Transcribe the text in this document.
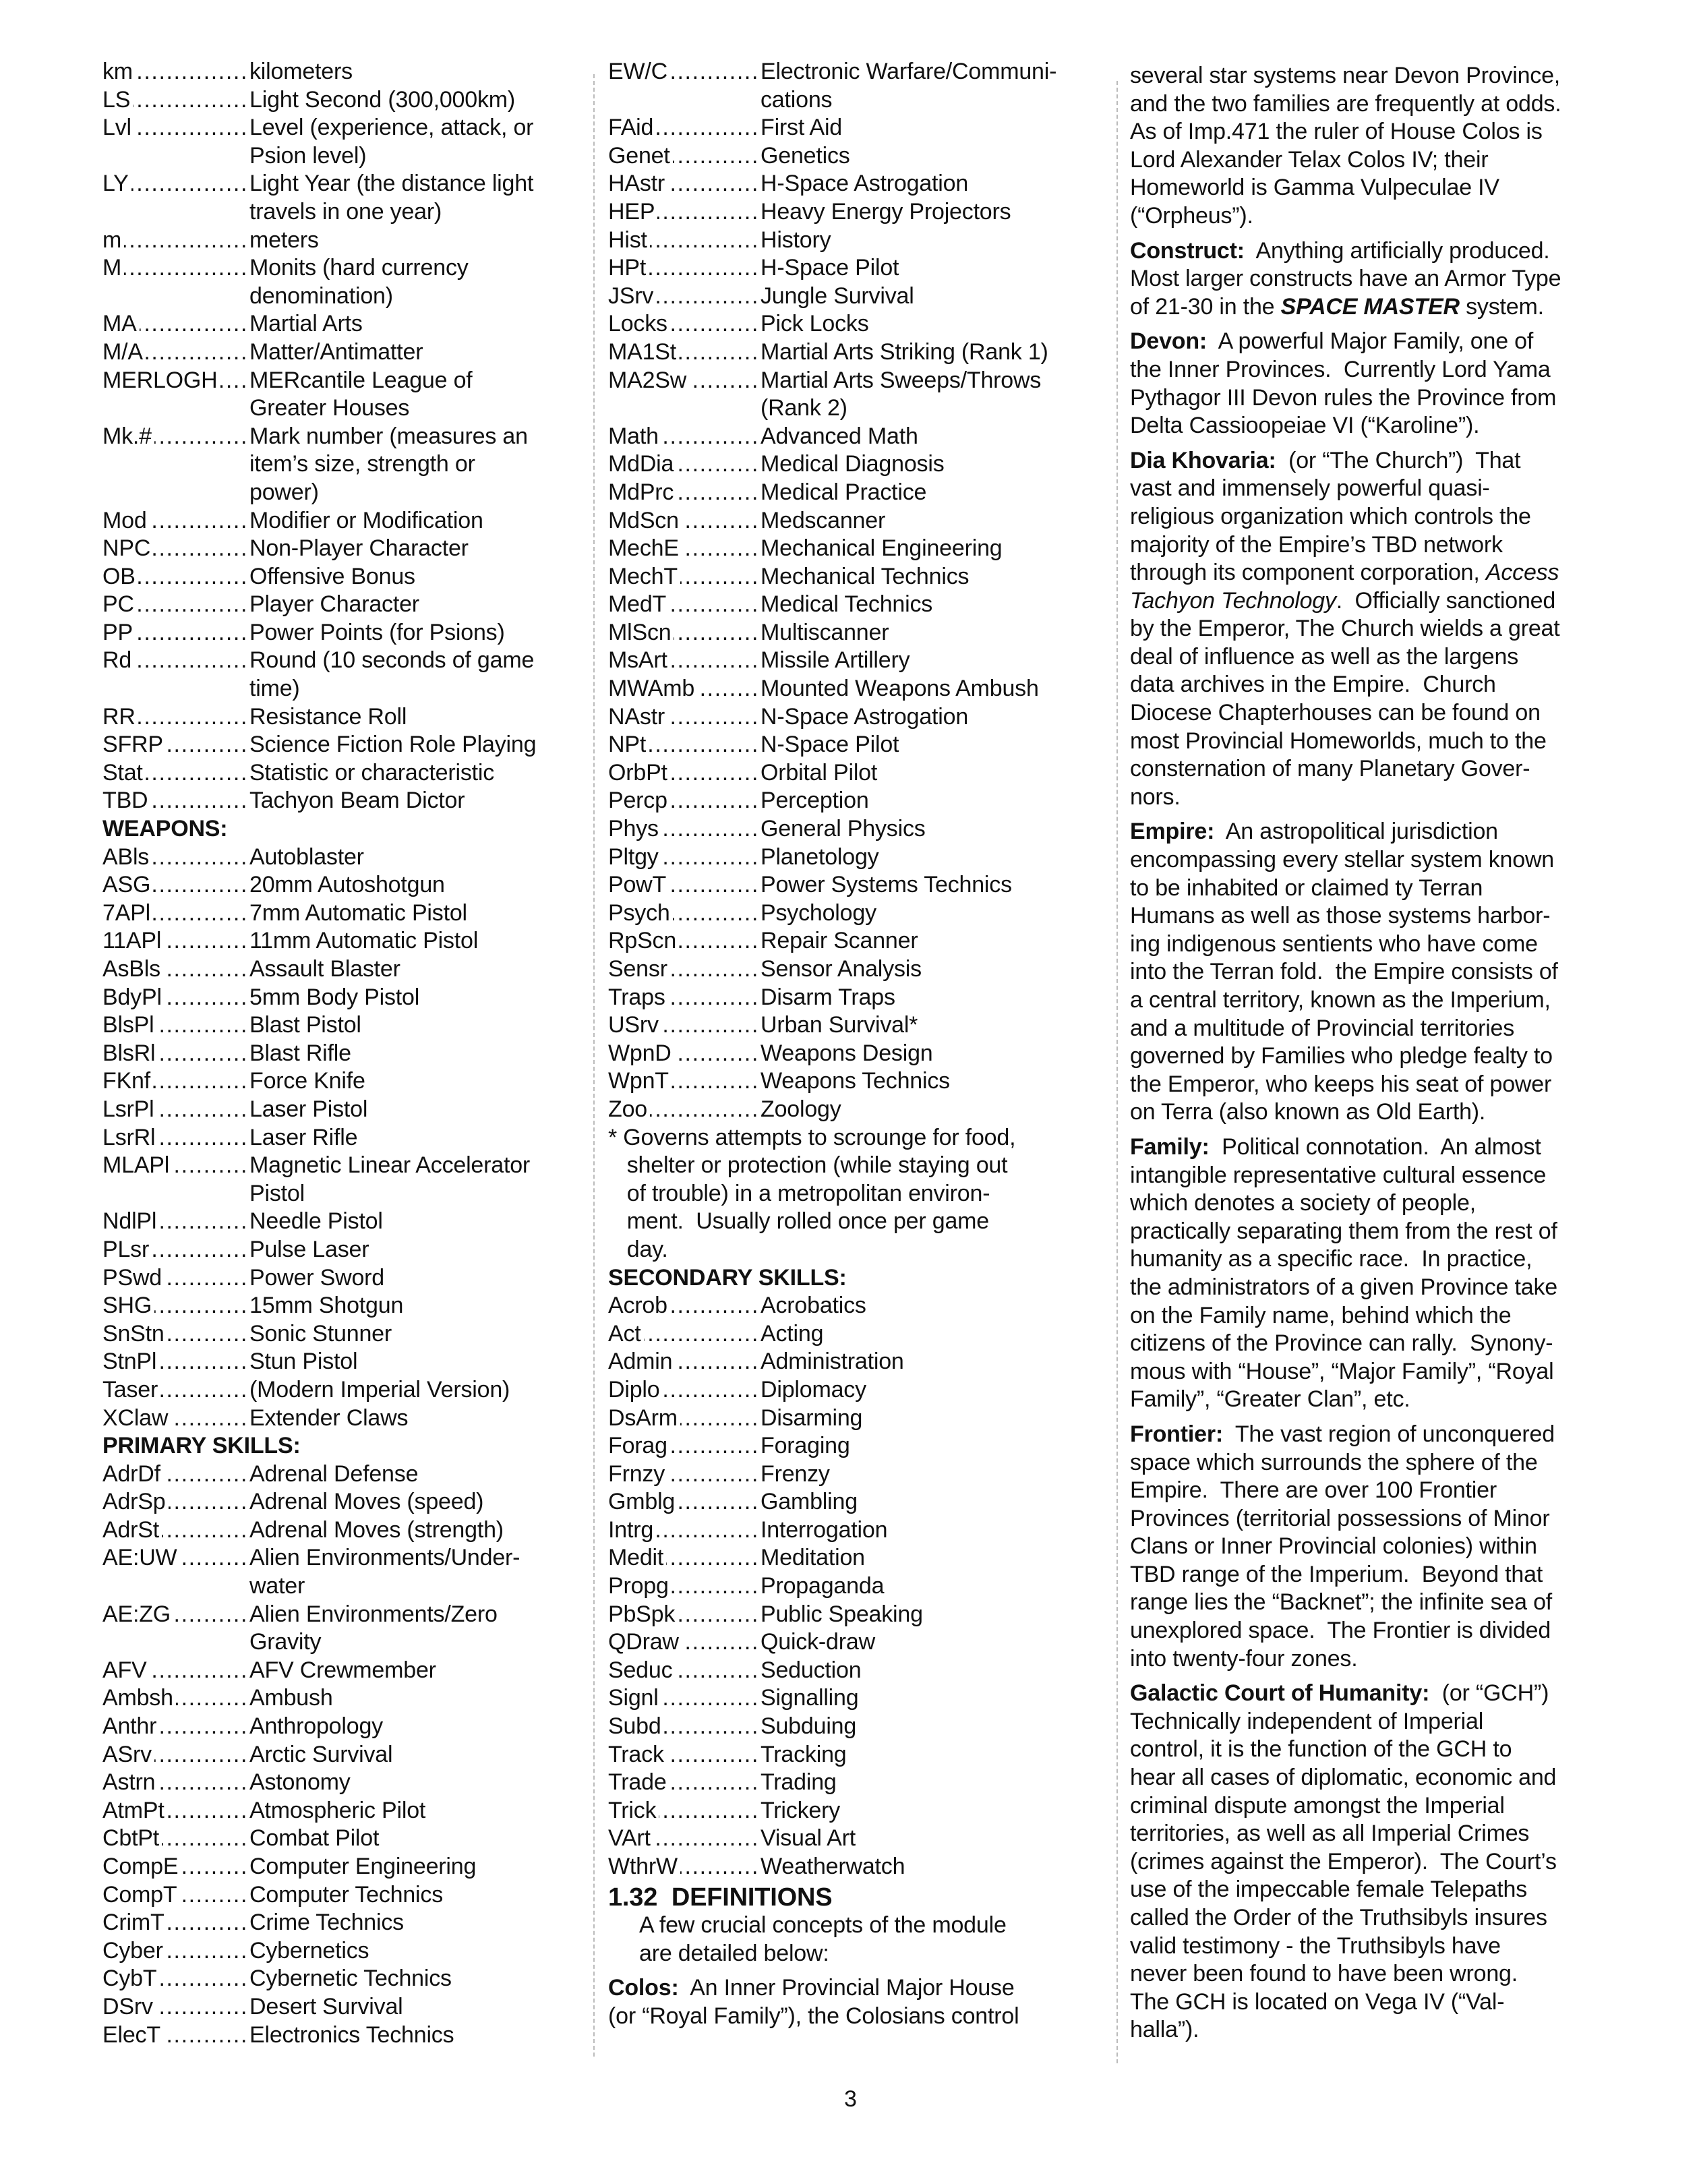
km .....	kilometers
LS .....	Light Second (300,000km)
Lvl .....	Level (experience, attack, or
Psion level)
LY .....	Light Year (the distance light
travels in one year)
m .....	meters
M .....	Monits (hard currency
denomination)
MA .....	Martial Arts
M/A .....	Matter/Antimatter
MERLOGH .....	MERcantile League of
Greater Houses
Mk.# .....	Mark number (measures an
item’s size, strength or
power)
Mod .....	Modifier or Modification
NPC .....	Non-Player Character
OB .....	Offensive Bonus
PC .....	Player Character
PP .....	Power Points (for Psions)
Rd .....	Round (10 seconds of game
time)
RR .....	Resistance Roll
SFRP .....	Science Fiction Role Playing
Stat .....	Statistic or characteristic
TBD .....	Tachyon Beam Dictor
WEAPONS:
ABls .....	Autoblaster
ASG .....	20mm Autoshotgun
7APl .....	7mm Automatic Pistol
11APl .....	11mm Automatic Pistol
AsBls .....	Assault Blaster
BdyPl .....	5mm Body Pistol
BlsPl .....	Blast Pistol
BlsRl .....	Blast Rifle
FKnf .....	Force Knife
LsrPl .....	Laser Pistol
LsrRl .....	Laser Rifle
MLAPl .....	Magnetic Linear Accelerator
Pistol
NdlPl .....	Needle Pistol
PLsr .....	Pulse Laser
PSwd .....	Power Sword
SHG .....	15mm Shotgun
SnStn .....	Sonic Stunner
StnPl .....	Stun Pistol
Taser .....	(Modern Imperial Version)
XClaw .....	Extender Claws
PRIMARY SKILLS:
AdrDf .....	Adrenal Defense
AdrSp .....	Adrenal Moves (speed)
AdrSt .....	Adrenal Moves (strength)
AE:UW .....	Alien Environments/Under-
water
AE:ZG .....	Alien Environments/Zero
Gravity
AFV .....	AFV Crewmember
Ambsh .....	Ambush
Anthr .....	Anthropology
ASrv .....	Arctic Survival
Astrn .....	Astonomy
AtmPt .....	Atmospheric Pilot
CbtPt .....	Combat Pilot
CompE .....	Computer Engineering
CompT .....	Computer Technics
CrimT .....	Crime Technics
Cyber .....	Cybernetics
CybT .....	Cybernetic Technics
DSrv .....	Desert Survival
ElecT .....	Electronics Technics
EW/C .....	Electronic Warfare/Communi-
cations
FAid .....	First Aid
Genet .....	Genetics
HAstr .....	H-Space Astrogation
HEP .....	Heavy Energy Projectors
Hist .....	History
HPt .....	H-Space Pilot
JSrv .....	Jungle Survival
Locks .....	Pick Locks
MA1St .....	Martial Arts Striking (Rank 1)
MA2Sw .....	Martial Arts Sweeps/Throws
(Rank 2)
Math .....	Advanced Math
MdDia .....	Medical Diagnosis
MdPrc .....	Medical Practice
MdScn .....	Medscanner
MechE .....	Mechanical Engineering
MechT .....	Mechanical Technics
MedT .....	Medical Technics
MlScn .....	Multiscanner
MsArt .....	Missile Artillery
MWAmb .....	Mounted Weapons Ambush
NAstr .....	N-Space Astrogation
NPt .....	N-Space Pilot
OrbPt .....	Orbital Pilot
Percp .....	Perception
Phys .....	General Physics
Pltgy .....	Planetology
PowT .....	Power Systems Technics
Psych .....	Psychology
RpScn .....	Repair Scanner
Sensr .....	Sensor Analysis
Traps .....	Disarm Traps
USrv .....	Urban Survival*
WpnD .....	Weapons Design
WpnT .....	Weapons Technics
Zoo .....	Zoology
* Governs attempts to scrounge for food,
shelter or protection (while staying out
of trouble) in a metropolitan environ-
ment.  Usually rolled once per game
day.
SECONDARY SKILLS:
Acrob .....	Acrobatics
Act .....	Acting
Admin .....	Administration
Diplo .....	Diplomacy
DsArm .....	Disarming
Forag .....	Foraging
Frnzy .....	Frenzy
Gmblg .....	Gambling
Intrg .....	Interrogation
Medit .....	Meditation
Propg .....	Propaganda
PbSpk .....	Public Speaking
QDraw .....	Quick-draw
Seduc .....	Seduction
Signl .....	Signalling
Subd .....	Subduing
Track .....	Tracking
Trade .....	Trading
Trick .....	Trickery
VArt .....	Visual Art
WthrW .....	Weatherwatch
1.32  DEFINITIONS
A few crucial concepts of the module
are detailed below:
Colos:  An Inner Provincial Major House
(or “Royal Family”), the Colosians control
several star systems near Devon Province,
and the two families are frequently at odds.
As of Imp.471 the ruler of House Colos is
Lord Alexander Telax Colos IV; their
Homeworld is Gamma Vulpeculae IV
(“Orpheus”).
Construct:  Anything artificially produced.
Most larger constructs have an Armor Type
of 21-30 in the SPACE MASTER system.
Devon:  A powerful Major Family, one of
the Inner Provinces.  Currently Lord Yama
Pythagor III Devon rules the Province from
Delta Cassioopeiae VI (“Karoline”).
Dia Khovaria:  (or “The Church”)  That
vast and immensely powerful quasi-
religious organization which controls the
majority of the Empire’s TBD network
through its component corporation, Access
Tachyon Technology.  Officially sanctioned
by the Emperor, The Church wields a great
deal of influence as well as the largens
data archives in the Empire.  Church
Diocese Chapterhouses can be found on
most Provincial Homeworlds, much to the
consternation of many Planetary Gover-
nors.
Empire:  An astropolitical jurisdiction
encompassing every stellar system known
to be inhabited or claimed ty Terran
Humans as well as those systems harbor-
ing indigenous sentients who have come
into the Terran fold.  the Empire consists of
a central territory, known as the Imperium,
and a multitude of Provincial territories
governed by Families who pledge fealty to
the Emperor, who keeps his seat of power
on Terra (also known as Old Earth).
Family:  Political connotation.  An almost
intangible representative cultural essence
which denotes a society of people,
practically separating them from the rest of
humanity as a specific race.  In practice,
the administrators of a given Province take
on the Family name, behind which the
citizens of the Province can rally.  Synony-
mous with “House”, “Major Family”, “Royal
Family”, “Greater Clan”, etc.
Frontier:  The vast region of unconquered
space which surrounds the sphere of the
Empire.  There are over 100 Frontier
Provinces (territorial possessions of Minor
Clans or Inner Provincial colonies) within
TBD range of the Imperium.  Beyond that
range lies the “Backnet”; the infinite sea of
unexplored space.  The Frontier is divided
into twenty-four zones.
Galactic Court of Humanity:  (or “GCH”)
Technically independent of Imperial
control, it is the function of the GCH to
hear all cases of diplomatic, economic and
criminal dispute amongst the Imperial
territories, as well as all Imperial Crimes
(crimes against the Emperor).  The Court’s
use of the impeccable female Telepaths
called the Order of the Truthsibyls insures
valid testimony - the Truthsibyls have
never been found to have been wrong.
The GCH is located on Vega IV (“Val-
halla”).
3
